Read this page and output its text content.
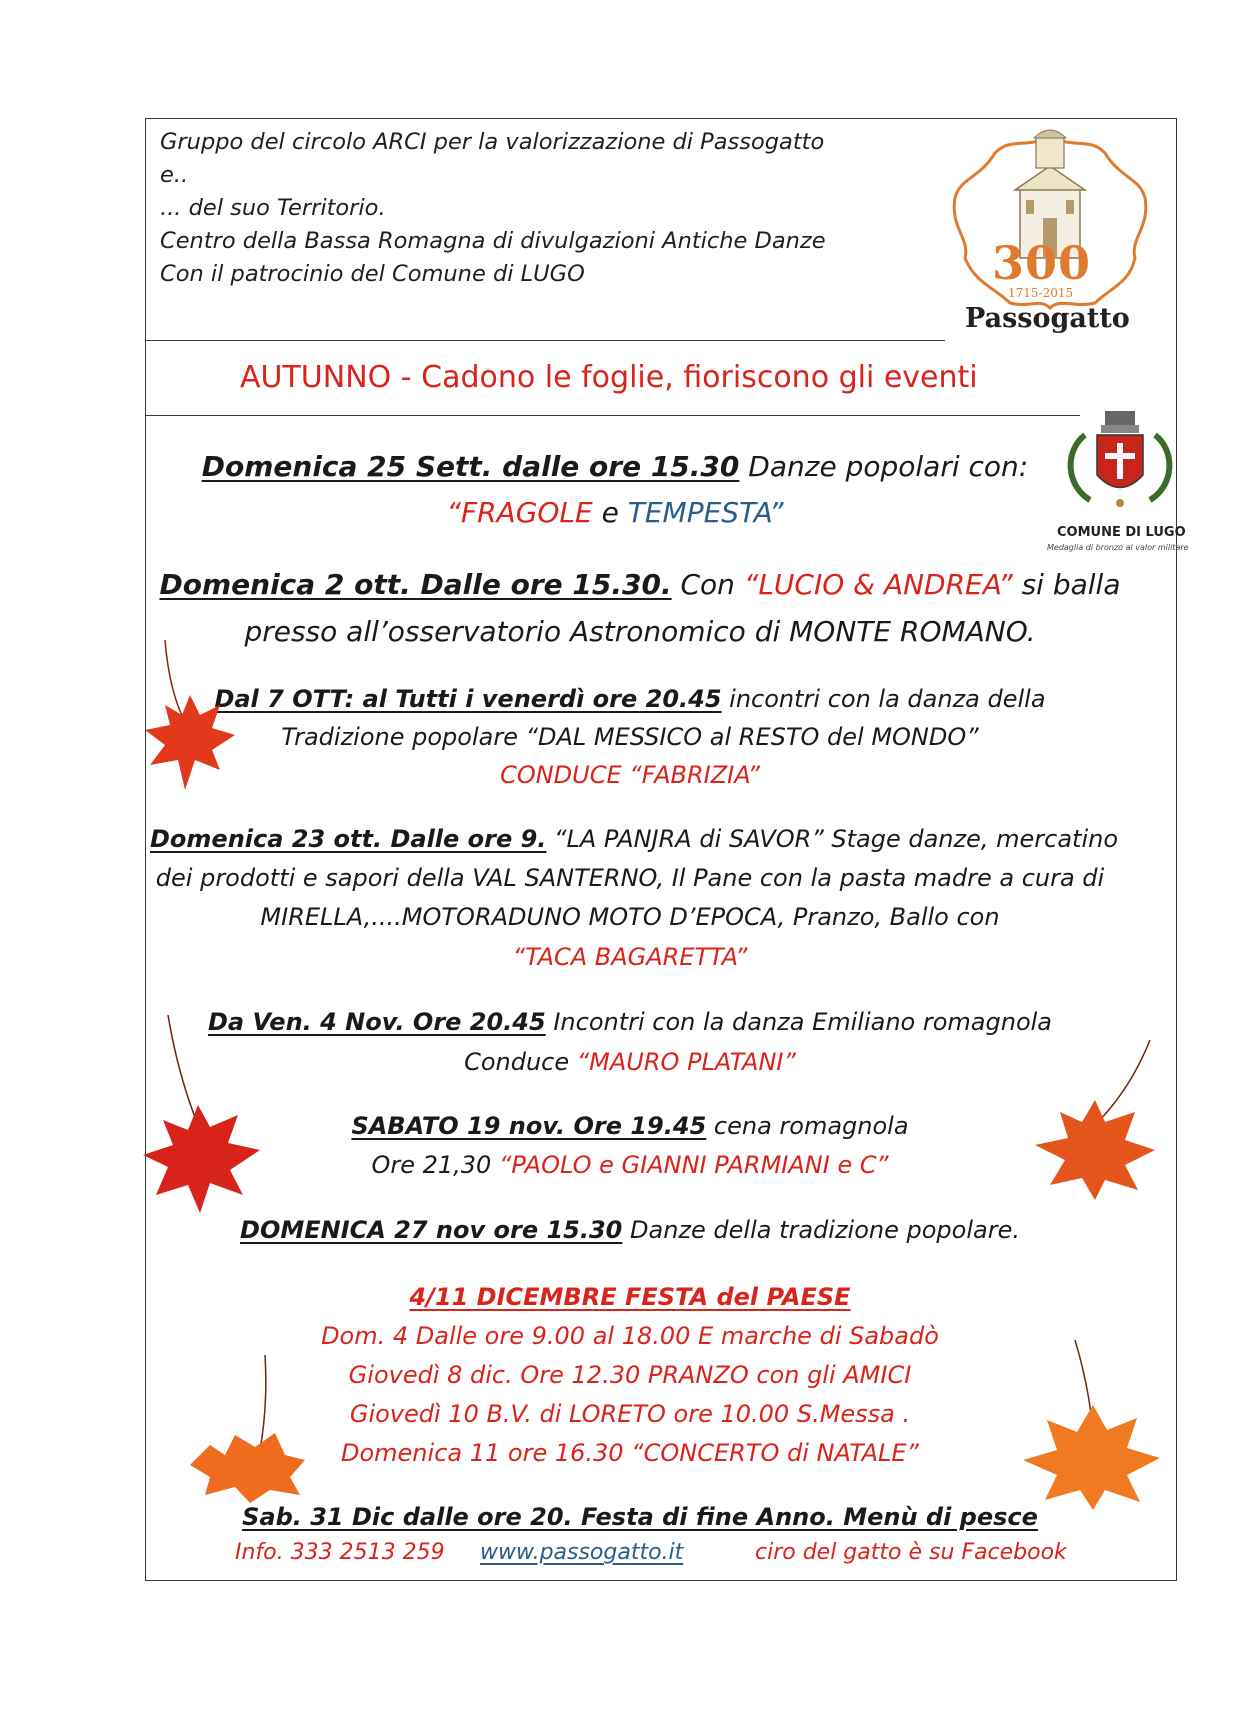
Gruppo del circolo ARCI per la valorizzazione di Passogatto
e..
... del suo Territorio.
Centro della Bassa Romagna di divulgazioni Antiche Danze
Con il patrocinio del Comune di LUGO	300
1715-2015
Passogatto
AUTUNNO - Cadono le foglie, fioriscono gli eventi
COMUNE DI LUGO
Medaglia di bronzo al valor militare
Domenica 25 Sett. dalle ore 15.30 Danze popolari con:
“FRAGOLE e TEMPESTA”
Domenica 2 ott. Dalle ore 15.30. Con “LUCIO & ANDREA” si balla
presso all’osservatorio Astronomico di MONTE ROMANO.
Dal 7 OTT: al Tutti i venerdì ore 20.45 incontri con la danza della
Tradizione popolare “DAL MESSICO al RESTO del MONDO”
CONDUCE “FABRIZIA”
Domenica 23 ott. Dalle ore 9. “LA PANJRA di SAVOR” Stage danze, mercatino
dei prodotti e sapori della VAL SANTERNO, Il Pane con la pasta madre a cura di
MIRELLA,....MOTORADUNO MOTO D’EPOCA, Pranzo, Ballo con
“TACA BAGARETTA”
Da Ven. 4 Nov. Ore 20.45 Incontri con la danza Emiliano romagnola
Conduce “MAURO PLATANI”
SABATO 19 nov. Ore 19.45 cena romagnola
Ore 21,30 “PAOLO e GIANNI PARMIANI e C”
DOMENICA 27 nov ore 15.30 Danze della tradizione popolare.
4/11 DICEMBRE FESTA del PAESE
Dom. 4 Dalle ore 9.00 al 18.00 E marche di Sabadò
Giovedì 8 dic. Ore 12.30 PRANZO con gli AMICI
Giovedì 10 B.V. di LORETO ore 10.00 S.Messa .
Domenica 11 ore 16.30 “CONCERTO di NATALE”
Sab. 31 Dic dalle ore 20. Festa di fine Anno. Menù di pesce
Info. 333 2513 259 www.passogatto.it	ciro del gatto è su Facebook
